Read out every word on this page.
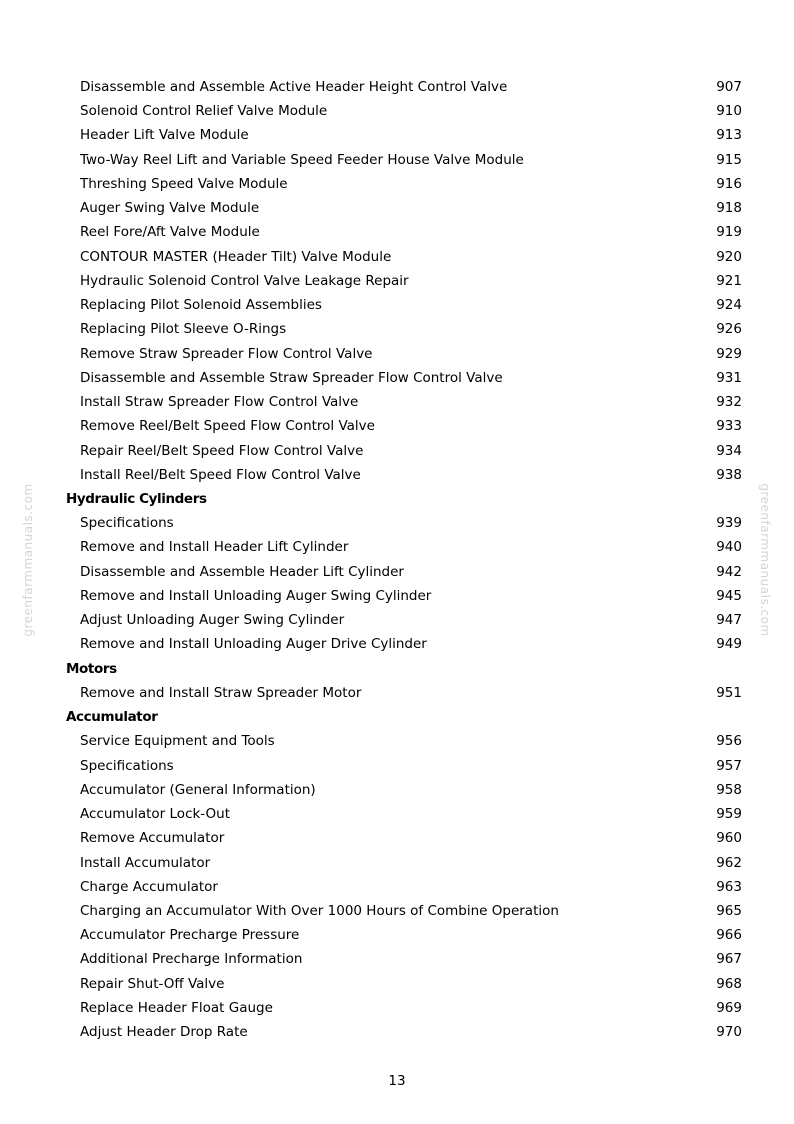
greenfarmmanuals.com	greenfarmmanuals.com
Disassemble and Assemble Active Header Height Control Valve	907
Solenoid Control Relief Valve Module	910
Header Lift Valve Module	913
Two-Way Reel Lift and Variable Speed Feeder House Valve Module	915
Threshing Speed Valve Module	916
Auger Swing Valve Module	918
Reel Fore/Aft Valve Module	919
CONTOUR MASTER (Header Tilt) Valve Module	920
Hydraulic Solenoid Control Valve Leakage Repair	921
Replacing Pilot Solenoid Assemblies	924
Replacing Pilot Sleeve O-Rings	926
Remove Straw Spreader Flow Control Valve	929
Disassemble and Assemble Straw Spreader Flow Control Valve	931
Install Straw Spreader Flow Control Valve	932
Remove Reel/Belt Speed Flow Control Valve	933
Repair Reel/Belt Speed Flow Control Valve	934
Install Reel/Belt Speed Flow Control Valve	938
Hydraulic Cylinders
Specifications	939
Remove and Install Header Lift Cylinder	940
Disassemble and Assemble Header Lift Cylinder	942
Remove and Install Unloading Auger Swing Cylinder	945
Adjust Unloading Auger Swing Cylinder	947
Remove and Install Unloading Auger Drive Cylinder	949
Motors
Remove and Install Straw Spreader Motor	951
Accumulator
Service Equipment and Tools	956
Specifications	957
Accumulator (General Information)	958
Accumulator Lock-Out	959
Remove Accumulator	960
Install Accumulator	962
Charge Accumulator	963
Charging an Accumulator With Over 1000 Hours of Combine Operation	965
Accumulator Precharge Pressure	966
Additional Precharge Information	967
Repair Shut-Off Valve	968
Replace Header Float Gauge	969
Adjust Header Drop Rate	970
13
